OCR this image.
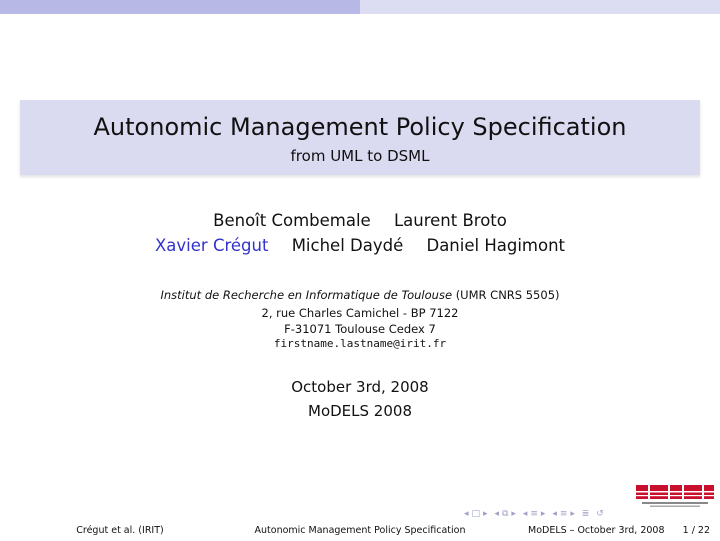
Autonomic Management Policy Specification
from UML to DSML
Benoît Combemale Laurent Broto
Xavier Crégut Michel Daydé Daniel Hagimont
Institut de Recherche en Informatique de Toulouse (UMR CNRS 5505)
2, rue Charles Camichel - BP 7122
F-31071 Toulouse Cedex 7
firstname.lastname@irit.fr
October 3rd, 2008
MoDELS 2008
◂ □ ▸ ◂ ⧉ ▸ ◂ ≡ ▸ ◂ ≡ ▸ ≣ ↺
Crégut et al. (IRIT)	Autonomic Management Policy Specification	MoDELS – October 3rd, 2008 1 / 22
